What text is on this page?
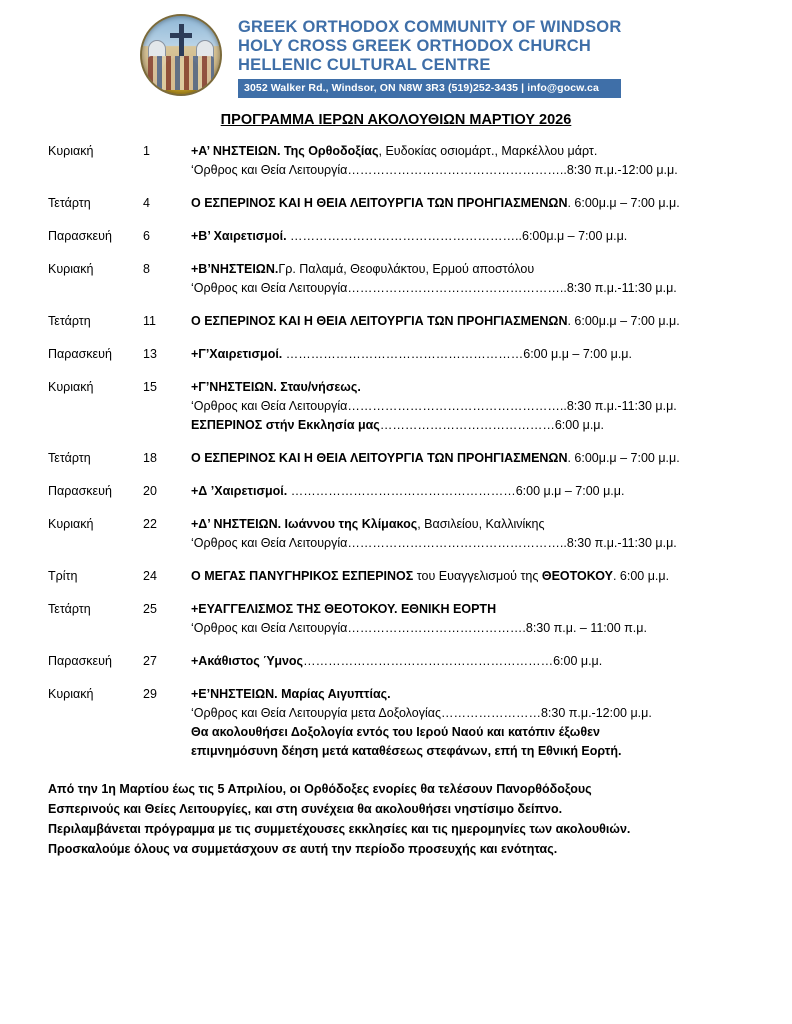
GREEK ORTHODOX COMMUNITY OF WINDSOR
HOLY CROSS GREEK ORTHODOX CHURCH
HELLENIC CULTURAL CENTRE
3052 Walker Rd., Windsor, ON N8W 3R3 (519)252-3435 | info@gocw.ca
ΠΡΟΓΡΑΜΜΑ ΙΕΡΩΝ ΑΚΟΛΟΥΘΙΩΝ ΜΑΡΤΙΟΥ 2026
Κυριακή	1	+Α’ ΝΗΣΤΕΙΩΝ. Της Ορθοδοξίας, Ευδοκίας οσιομάρτ., Μαρκέλλου μάρτ.
‘Ορθρος και Θεία Λειτουργία……………………………………………..8:30 π.μ.-12:00 μ.μ.
Τετάρτη	4	Ο ΕΣΠΕΡΙΝΟΣ ΚΑΙ Η ΘΕΙΑ ΛΕΙΤΟΥΡΓΙΑ ΤΩΝ ΠΡΟΗΓΙΑΣΜΕΝΩΝ. 6:00μ.μ – 7:00 μ.μ.
Παρασκευή	6	+Β’ Χαιρετισμοί. ………………………………………………..6:00μ.μ – 7:00 μ.μ.
Κυριακή	8	+Β’ΝΗΣΤΕΙΩΝ.Γρ. Παλαμά, Θεοφυλάκτου, Ερμού αποστόλου
‘Ορθρος και Θεία Λειτουργία……………………………………………..8:30 π.μ.-11:30 μ.μ.
Τετάρτη	11	Ο ΕΣΠΕΡΙΝΟΣ ΚΑΙ Η ΘΕΙΑ ΛΕΙΤΟΥΡΓΙΑ ΤΩΝ ΠΡΟΗΓΙΑΣΜΕΝΩΝ. 6:00μ.μ – 7:00 μ.μ.
Παρασκευή	13	+Γ’Χαιρετισμοί. …………………………………………………6:00 μ.μ – 7:00 μ.μ.
Κυριακή	15	+Γ’ΝΗΣΤΕΙΩΝ. Σταυ/νήσεως.
‘Ορθρος και Θεία Λειτουργία……………………………………………..8:30 π.μ.-11:30 μ.μ.
ΕΣΠΕΡΙΝΟΣ στήν Εκκλησία μας……………………………………6:00 μ.μ.
Τετάρτη	18	Ο ΕΣΠΕΡΙΝΟΣ ΚΑΙ Η ΘΕΙΑ ΛΕΙΤΟΥΡΓΙΑ ΤΩΝ ΠΡΟΗΓΙΑΣΜΕΝΩΝ. 6:00μ.μ – 7:00 μ.μ.
Παρασκευή	20	+Δ ’Χαιρετισμοί. ………………………………………………6:00 μ.μ – 7:00 μ.μ.
Κυριακή	22	+Δ’ ΝΗΣΤΕΙΩΝ. Ιωάννου της Κλίμακος, Βασιλείου, Καλλινίκης
‘Ορθρος και Θεία Λειτουργία……………………………………………..8:30 π.μ.-11:30 μ.μ.
Τρίτη	24	Ο ΜΕΓΑΣ ΠΑΝΥΓΗΡΙΚΟΣ ΕΣΠΕΡΙΝΟΣ του Ευαγγελισμού της ΘΕΟΤΟΚΟΥ. 6:00 μ.μ.
Τετάρτη	25	+ΕΥΑΓΓΕΛΙΣΜΟΣ ΤΗΣ ΘΕΟΤΟΚΟΥ. ΕΘΝΙΚΗ ΕΟΡΤΗ
‘Ορθρος και Θεία Λειτουργία…………………………………….8:30 π.μ. – 11:00 π.μ.
Παρασκευή	27	+Ακάθιστος Ύμνος……………………………………………………6:00 μ.μ.
Κυριακή	29	+Ε’ΝΗΣΤΕΙΩΝ. Μαρίας Αιγυπτίας.
‘Ορθρος και Θεία Λειτουργία μετα Δοξολογίας……………………8:30 π.μ.-12:00 μ.μ.
Θα ακολουθήσει Δοξολογία εντός του Ιερού Ναού και κατόπιν έξωθεν
επιμνημόσυνη δέηση μετά καταθέσεως στεφάνων, επή τη Εθνική Εορτή.
Από την 1η Μαρτίου έως τις 5 Απριλίου, οι Ορθόδοξες ενορίες θα τελέσουν Πανορθόδοξους
Εσπερινούς και Θείες Λειτουργίες, και στη συνέχεια θα ακολουθήσει νηστίσιμο δείπνο.
Περιλαμβάνεται πρόγραμμα με τις συμμετέχουσες εκκλησίες και τις ημερομηνίες των ακολουθιών.
Προσκαλούμε όλους να συμμετάσχουν σε αυτή την περίοδο προσευχής και ενότητας.
